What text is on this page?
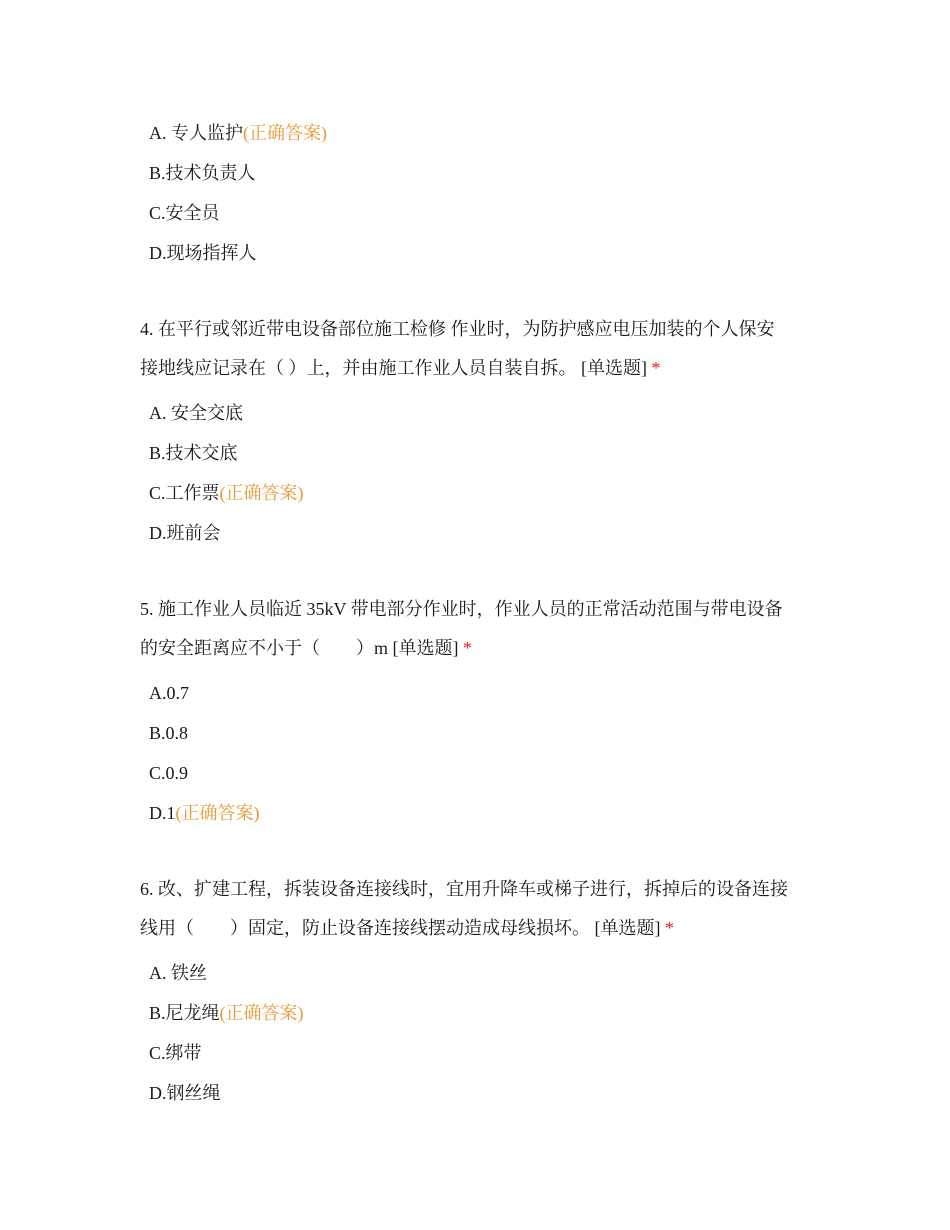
A. 专人监护(正确答案)
B.技术负责人
C.安全员
D.现场指挥人
4. 在平行或邻近带电设备部位施工检修 作业时，为防护感应电压加装的个人保安
接地线应记录在（ ）上，并由施工作业人员自装自拆。 [单选题] *
A. 安全交底
B.技术交底
C.工作票(正确答案)
D.班前会
5. 施工作业人员临近 35kV 带电部分作业时，作业人员的正常活动范围与带电设备
的安全距离应不小于（　　）m [单选题] *
A.0.7
B.0.8
C.0.9
D.1(正确答案)
6. 改、扩建工程，拆装设备连接线时，宜用升降车或梯子进行，拆掉后的设备连接
线用（　　）固定，防止设备连接线摆动造成母线损坏。 [单选题] *
A. 铁丝
B.尼龙绳(正确答案)
C.绑带
D.钢丝绳
